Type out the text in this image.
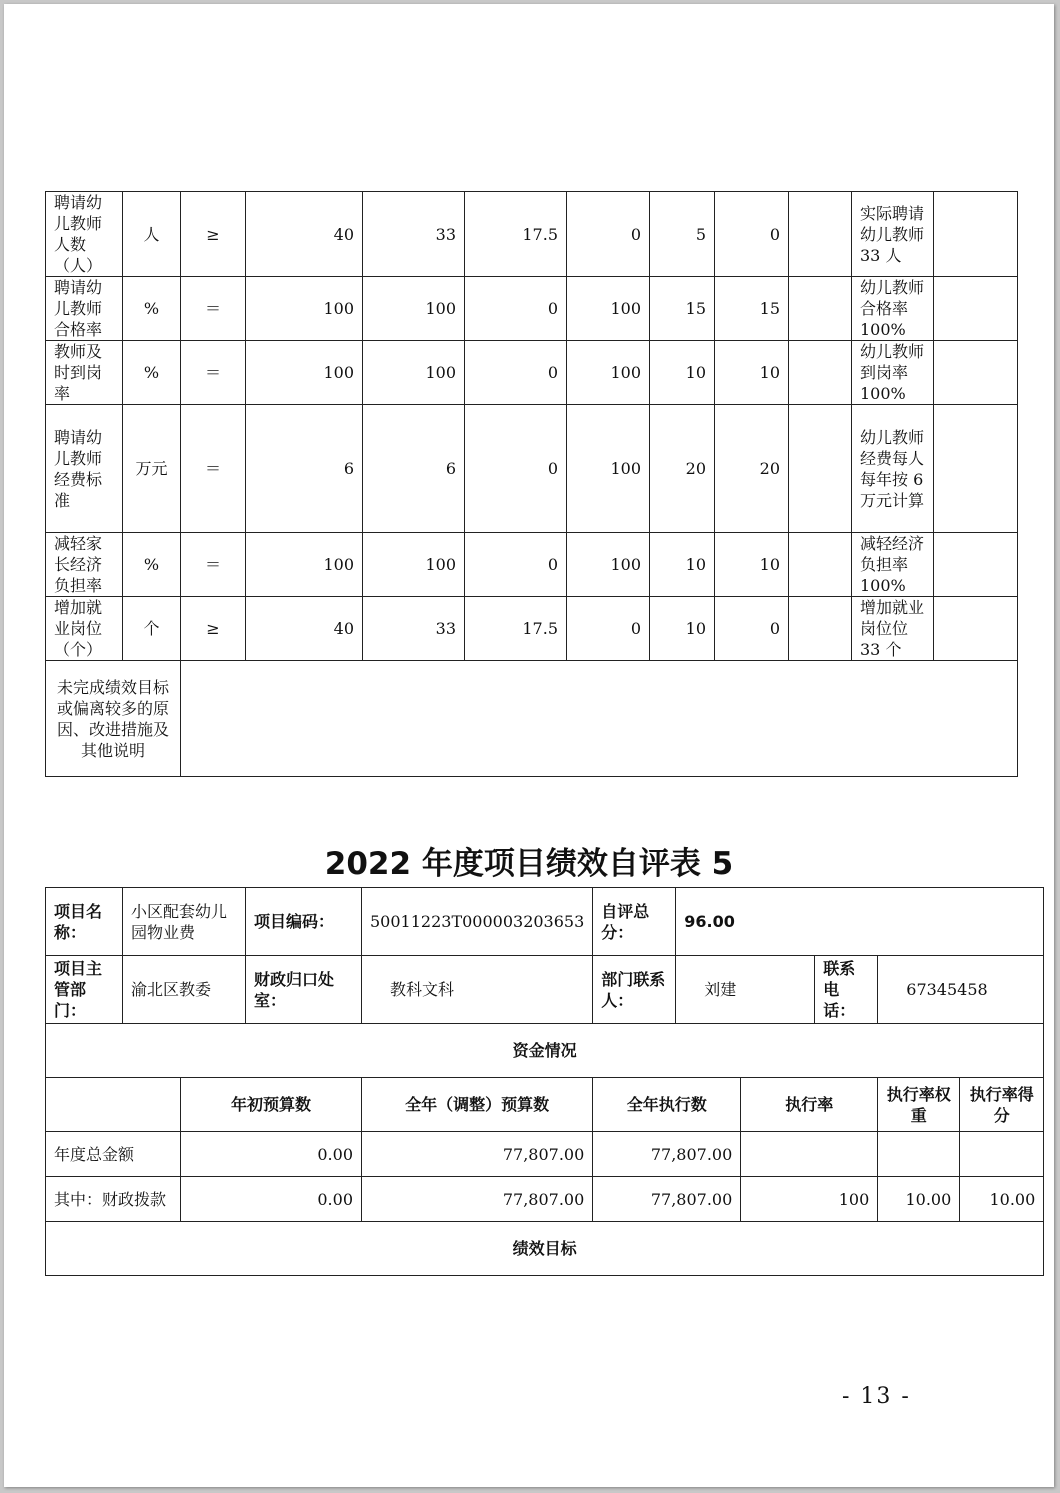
聘请幼儿教师人数（人）	人	≥	40	33	17.5	0	5	0		实际聘请幼儿教师 33 人	
聘请幼儿教师合格率	%	＝	100	100	0	100	15	15		幼儿教师合格率 100%	
教师及时到岗率	%	＝	100	100	0	100	10	10		幼儿教师到岗率 100%	
聘请幼儿教师经费标准	万元	＝	6	6	0	100	20	20		幼儿教师经费每人每年按 6 万元计算	
减轻家长经济负担率	%	＝	100	100	0	100	10	10		减轻经济负担率 100%	
增加就业岗位（个）	个	≥	40	33	17.5	0	10	0		增加就业岗位位 33 个	
未完成绩效目标或偏离较多的原因、改进措施及其他说明											
2022 年度项目绩效自评表 5
项目名称：	小区配套幼儿园物业费		项目编码：	50011223T000003203653	自评总分：	96.00				
项目主管部门：	渝北区教委		财政归口处室：	教科文科	部门联系人：	刘建		联系电话：	67345458	
资金情况										
		年初预算数		全年（调整）预算数	全年执行数		执行率		执行率权重	执行率得分
年度总金额		0.00		77,807.00	77,807.00					
其中：财政拨款		0.00		77,807.00	77,807.00		100		10.00	10.00
绩效目标										
- 13 -
